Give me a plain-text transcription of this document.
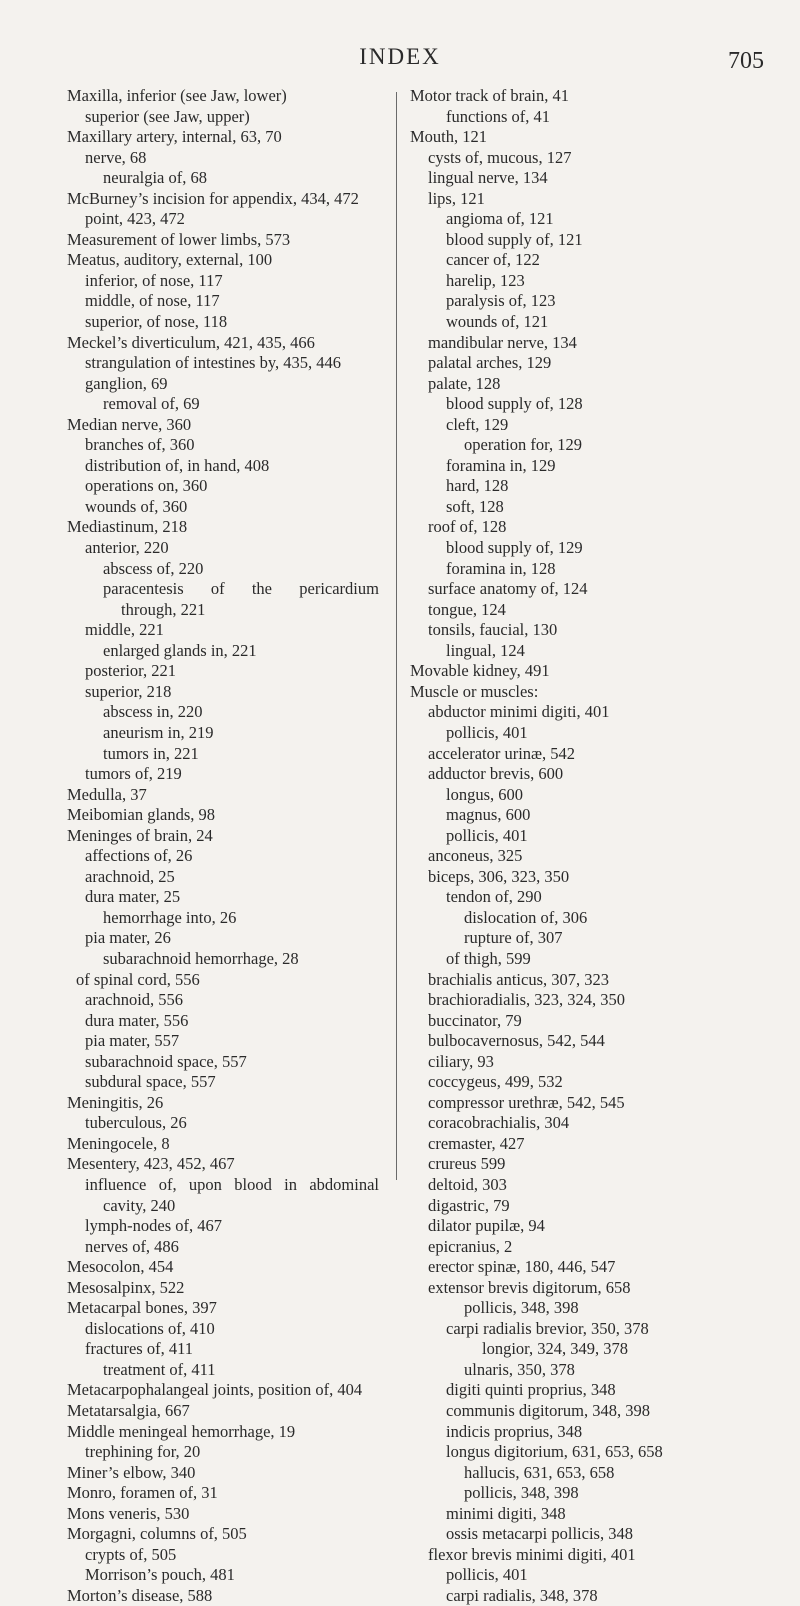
INDEX	705
Maxilla, inferior (see Jaw, lower)
superior (see Jaw, upper)
Maxillary artery, internal, 63, 70
nerve, 68
neuralgia of, 68
McBurney’s incision for appendix, 434, 472
point, 423, 472
Measurement of lower limbs, 573
Meatus, auditory, external, 100
inferior, of nose, 117
middle, of nose, 117
superior, of nose, 118
Meckel’s diverticulum, 421, 435, 466
strangulation of intestines by, 435, 446
ganglion, 69
removal of, 69
Median nerve, 360
branches of, 360
distribution of, in hand, 408
operations on, 360
wounds of, 360
Mediastinum, 218
anterior, 220
abscess of, 220
paracentesis of the pericardium
through, 221
middle, 221
enlarged glands in, 221
posterior, 221
superior, 218
abscess in, 220
aneurism in, 219
tumors in, 221
tumors of, 219
Medulla, 37
Meibomian glands, 98
Meninges of brain, 24
affections of, 26
arachnoid, 25
dura mater, 25
hemorrhage into, 26
pia mater, 26
subarachnoid hemorrhage, 28
of spinal cord, 556
arachnoid, 556
dura mater, 556
pia mater, 557
subarachnoid space, 557
subdural space, 557
Meningitis, 26
tuberculous, 26
Meningocele, 8
Mesentery, 423, 452, 467
influence of, upon blood in abdominal
cavity, 240
lymph-nodes of, 467
nerves of, 486
Mesocolon, 454
Mesosalpinx, 522
Metacarpal bones, 397
dislocations of, 410
fractures of, 411
treatment of, 411
Metacarpophalangeal joints, position of, 404
Metatarsalgia, 667
Middle meningeal hemorrhage, 19
trephining for, 20
Miner’s elbow, 340
Monro, foramen of, 31
Mons veneris, 530
Morgagni, columns of, 505
crypts of, 505
Morrison’s pouch, 481
Morton’s disease, 588
Motor track of brain, 41
functions of, 41
Mouth, 121
cysts of, mucous, 127
lingual nerve, 134
lips, 121
angioma of, 121
blood supply of, 121
cancer of, 122
harelip, 123
paralysis of, 123
wounds of, 121
mandibular nerve, 134
palatal arches, 129
palate, 128
blood supply of, 128
cleft, 129
operation for, 129
foramina in, 129
hard, 128
soft, 128
roof of, 128
blood supply of, 129
foramina in, 128
surface anatomy of, 124
tongue, 124
tonsils, faucial, 130
lingual, 124
Movable kidney, 491
Muscle or muscles:
abductor minimi digiti, 401
pollicis, 401
accelerator urinæ, 542
adductor brevis, 600
longus, 600
magnus, 600
pollicis, 401
anconeus, 325
biceps, 306, 323, 350
tendon of, 290
dislocation of, 306
rupture of, 307
of thigh, 599
brachialis anticus, 307, 323
brachioradialis, 323, 324, 350
buccinator, 79
bulbocavernosus, 542, 544
ciliary, 93
coccygeus, 499, 532
compressor urethræ, 542, 545
coracobrachialis, 304
cremaster, 427
crureus 599
deltoid, 303
digastric, 79
dilator pupilæ, 94
epicranius, 2
erector spinæ, 180, 446, 547
extensor brevis digitorum, 658
pollicis, 348, 398
carpi radialis brevior, 350, 378
longior, 324, 349, 378
ulnaris, 350, 378
digiti quinti proprius, 348
communis digitorum, 348, 398
indicis proprius, 348
longus digitorium, 631, 653, 658
hallucis, 631, 653, 658
pollicis, 348, 398
minimi digiti, 348
ossis metacarpi pollicis, 348
flexor brevis minimi digiti, 401
pollicis, 401
carpi radialis, 348, 378
